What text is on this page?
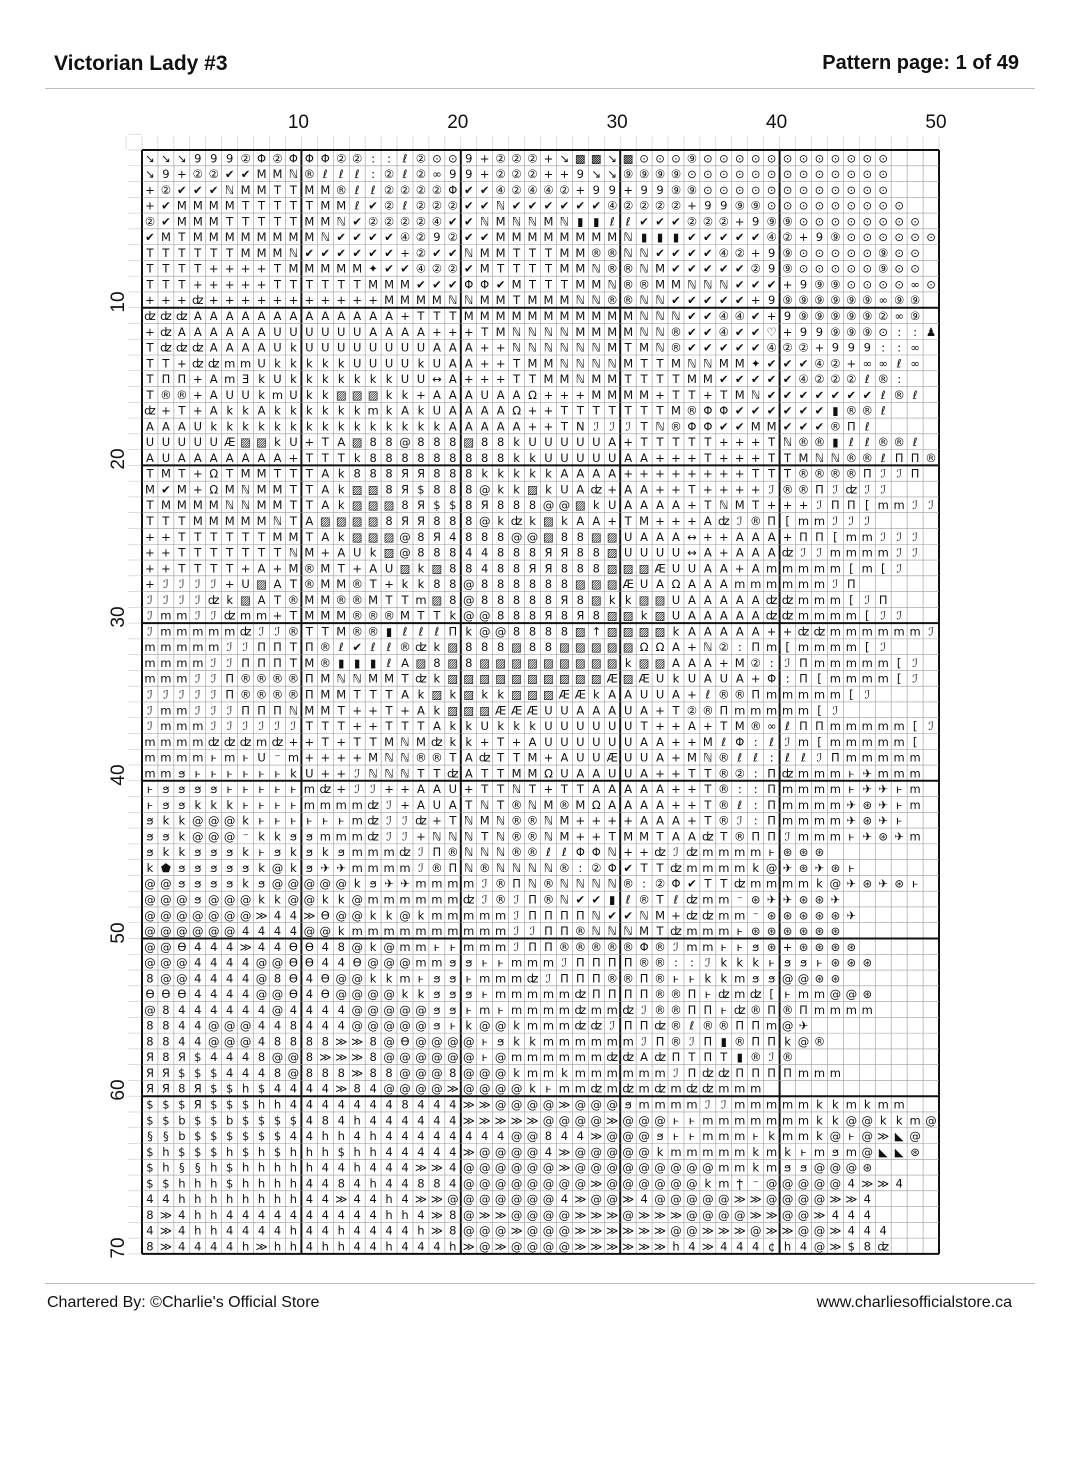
Victorian Lady #3	Pattern page: 1 of 49
10	20	30	40	50
10
20
30
40
50
60
70
↘ ↘ ↘ 9 9 9 ② Φ ② Φ Φ Φ ② ② : : ℓ ② ⊙ ⊙ 9 + ② ② ② + ↘ ▩ ▩ ↘ ▩ ⊙ ⊙ ⊙ ⑨ ⊙ ⊙ ⊙ ⊙ ⊙ ⊙ ⊙ ⊙ ⊙ ⊙ ⊙ ⊙
↘ 9 + ② ② ✔ ✔ M M ℕ ® ℓ ℓ ℓ : ② ℓ ② ∞ 9 9 + ② ② ② + + 9 ↘ ↘ ⑨ ⑨ ⑨ ⑨ ⊙ ⊙ ⊙ ⊙ ⊙ ⊙ ⊙ ⊙ ⊙ ⊙ ⊙ ⊙ ⊙
+ ② ✔ ✔ ✔ ℕ M M T T M M ® ℓ ℓ ② ② ② ② Φ ✔ ✔ ④ ② ④ ④ ② + 9 9 + 9 9 ⑨ ⑨ ⊙ ⊙ ⊙ ⊙ ⊙ ⊙ ⊙ ⊙ ⊙ ⊙ ⊙ ⊙
+ ✔ M M M M T T T T T M M ℓ ✔ ② ℓ ② ② ② ✔ ✔ ℕ ✔ ✔ ✔ ✔ ✔ ✔ ④ ② ② ② ② + 9 9 ⑨ ⑨ ⊙ ⊙ ⊙ ⊙ ⊙ ⊙ ⊙ ⊙ ⊙
② ✔ M M M T T T T T M M ℕ ✔ ② ② ② ② ④ ✔ ✔ ℕ M ℕ ℕ M ℕ ▮ ▮ ℓ ℓ ✔ ✔ ✔ ② ② ② + 9 ⑨ ⑨ ⊙ ⊙ ⊙ ⊙ ⊙ ⊙ ⊙ ⊙
✔ M T M M M M M M M M ℕ ✔ ✔ ✔ ✔ ④ ② 9 ② ✔ ✔ M M M M M M M M ℕ ▮ ▮ ▮ ✔ ✔ ✔ ✔ ✔ ④ ② + 9 ⑨ ⊙ ⊙ ⊙ ⊙ ⊙ ⊙
T T T T T T M M M ℕ ✔ ✔ ✔ ✔ ✔ ✔ + ② ✔ ✔ ℕ M M T T T M M ® ® ℕ ℕ ✔ ✔ ✔ ✔ ④ ② + 9 ⑨ ⊙ ⊙ ⊙ ⊙ ⊙ ⑨ ⊙ ⊙
T T T T + + + + T M M M M M ✦ ✔ ✔ ④ ② ② ✔ M T T T T M M ℕ ® ® ℕ M ✔ ✔ ✔ ✔ ✔ ② 9 ⑨ ⊙ ⊙ ⊙ ⊙ ⊙ ⑨ ⊙ ⊙
T T T + + + + + T T T T T T M M M ✔ ✔ ✔ Φ Φ ✔ M T T T M M ℕ ® ® M M ℕ ℕ ℕ ✔ ✔ ✔ + 9 ⑨ ⑨ ⊙ ⊙ ⊙ ⊙ ∞ ⊙
+ + + ʣ + + + + + + + + + + + M M M M ℕ ℕ M M T M M M ℕ ℕ ® ® ℕ ℕ ✔ ✔ ✔ ✔ ✔ + 9 ⑨ ⑨ ⑨ ⑨ ⑨ ⑨ ∞ ⑨ ⑨
ʣ ʣ ʣ A A A A A A A A A A A A A + T T T M M M M M M M M M M M ℕ ℕ ℕ ✔ ✔ ④ ④ ✔ + 9 ⑨ ⑨ ⑨ ⑨ ⑨ ② ∞ ⑨
+ ʣ A A A A A A U U U U U U A A A A + + + T M ℕ ℕ ℕ ℕ M M M M ℕ ℕ ® ✔ ✔ ④ ✔ ✔ ♡ + 9 9 ⑨ ⑨ ⑨ ⊙ : : ♟
T ʣ ʣ ʣ A A A A U k U U U U U U U U A A A + + ℕ ℕ ℕ ℕ ℕ ℕ M T M ℕ ® ✔ ✔ ✔ ✔ ✔ ④ ② ② + 9 9 9 : : ∞
T T + ʣ ʣ m m U k k k k k U U U U k U A A + + T M M ℕ ℕ ℕ ℕ M T T M ℕ ℕ M M ✦ ✔ ✔ ✔ ④ ② + ∞ ∞ ℓ ∞
T Π Π + A m Ǝ k U k k k k k k k U U ↔ A + + + T T M M ℕ M M T T T T M M ✔ ✔ ✔ ✔ ✔ ④ ② ② ② ℓ ® :
T ® ® + A U U k m U k k ▨ ▨ ▨ k k + A A A U A A Ω + + + M M M M + T T + T M ℕ ✔ ✔ ✔ ✔ ✔ ✔ ✔ ℓ ® ℓ
ʣ + T + A k k A k k k k k k m k A k U A A A A Ω + + T T T T T T T M ® Φ Φ ✔ ✔ ✔ ✔ ✔ ✔ ▮ ® ® ℓ
A A A U k k k k k k k k k k k k k k k A A A A A + + T N ℐ ℐ ℐ T ℕ ® Φ Φ ✔ ✔ M M ✔ ✔ ✔ ® Π ℓ
U U U U U Æ ▨ ▨ k U + T A ▨ 8 8 @ 8 8 8 ▨ 8 8 k U U U U U A + T T T T T + + + T ℕ ® ® ▮ ℓ ℓ ® ® ℓ
A U A A A A A A A + T T T k 8 8 8 8 8 8 8 8 8 k k U U U U U A A + + + T + + + T T M ℕ ℕ ® ® ℓ Π Π ®
T M T + Ω T M M T T T A k 8 8 8 Я Я 8 8 8 k k k k k A A A A + + + + + + + + T T T ® ® ® ® Π ℐ ℐ Π
M ✔ M + Ω M ℕ M M T T A k ▨ ▨ 8 Я $ 8 8 8 @ k k ▨ k U A ʣ + A A + + T + + + + ℐ ® ® Π ℐ ʣ ℐ ℐ
T M M M M ℕ ℕ M M T T A k ▨ ▨ ▨ 8 Я $ $ 8 Я 8 8 8 @ @ ▨ k U A A A A + T ℕ M T + + + ℐ Π Π [ m m ℐ ℐ
T T T M M M M M ℕ T A ▨ ▨ ▨ ▨ 8 Я Я 8 8 8 @ k ʣ k ▨ k A A + T M + + + A ʣ ℐ ® Π [ m m ℐ ℐ ℐ
+ + T T T T T T M M T A k ▨ ▨ ▨ @ 8 Я 4 8 8 8 @ @ ▨ 8 8 ▨ ▨ U A A A ↔ + + A A A + Π Π [ m m ℐ ℐ ℐ
+ + T T T T T T T ℕ M + A U k ▨ @ 8 8 8 4 4 8 8 8 Я Я 8 8 ▨ U U U U ↔ A + A A A ʣ ℐ ℐ m m m m ℐ ℐ
+ + T T T T + A + M ® M T + A U ▨ k ▨ 8 8 4 8 8 Я Я 8 8 8 ▨ ▨ ▨ Æ U U A A + A m m m m m [ m [ ℐ
+ ℐ ℐ ℐ ℐ + U ▨ A T ® M M ® T + k k 8 8 @ 8 8 8 8 8 8 ▨ ▨ ▨ Æ U A Ω A A A m m m m m m ℐ Π
ℐ ℐ ℐ ℐ ʣ k ▨ A T ® M M ® ® M T T m ▨ 8 @ 8 8 8 8 8 Я 8 ▨ k k ▨ ▨ U A A A A A ʣ ʣ m m m [ ℐ Π
ℐ m m ℐ ℐ ʣ m m + T M M M ® ® ® M T T k @ @ 8 8 8 Я 8 Я 8 ▨ ▨ k ▨ U A A A A A ʣ ʣ m m m m [ ℐ ℐ
ℐ m m m m m ʣ ℐ ℐ ® T T M ® ® ▮ ℓ ℓ ℓ Π k @ @ 8 8 8 8 ▨ ↑ ▨ ▨ ▨ ▨ k A A A A A + + ʣ ʣ m m m m m m ℐ
m m m m m ℐ ℐ Π Π T Π ® ℓ ✔ ℓ ℓ ® ʣ k ▨ 8 8 8 ▨ 8 8 ▨ ▨ ▨ ▨ ▨ Ω Ω A + ℕ ② : Π m [ m m m m [ ℐ
m m m m ℐ ℐ Π Π Π T M ® ▮ ▮ ▮ ℓ A ▨ 8 ▨ 8 ▨ ▨ ▨ ▨ ▨ ▨ ▨ ▨ ▨ k ▨ ▨ A A A + M ② : ℐ Π m m m m m [ ℐ
m m m ℐ ℐ Π ® ® ® ® Π M ℕ ℕ M M T ʣ k ▨ ▨ ▨ ▨ ▨ ▨ ▨ ▨ ▨ ▨ Æ ▨ Æ U k U A U A + Φ : Π [ m m m m [ ℐ
ℐ ℐ ℐ ℐ ℐ Π ® ® ® ® Π M M T T T A k ▨ k ▨ k k ▨ ▨ ▨ Æ Æ k A A U U A + ℓ ® ® Π m m m m m [ ℐ
ℐ m m ℐ ℐ ℐ Π Π Π ℕ M M T + + T + A k ▨ ▨ ▨ Æ Æ Æ U U A A A U A + T ② ® Π m m m m m [ ℐ
ℐ m m m ℐ ℐ ℐ ℐ ℐ ℐ T T T + + T T T A k k U k k k U U U U U U T + + A + T M ® ∞ ℓ Π Π m m m m m [ ℐ
m m m m ʣ ʣ ʣ m ʣ + + T + T T M ℕ M ʣ k k + T + A U U U U U U A A + + M ℓ Φ : ℓ ℐ m [ m m m m m [
m m m m ⱶ m ⱶ U ⁻ m + + + + M ℕ ℕ ® ® T A ʣ T T M + A U U Æ U U A + M ℕ ® ℓ ℓ : ℓ ℓ ℐ Π m m m m m
m m ϧ ⱶ ⱶ ⱶ ⱶ ⱶ ⱶ k U + + ℐ ℕ ℕ ℕ T T ʣ A T T M M Ω U A A U U A + + T T ® ② : Π ʣ m m m ⱶ ✈ m m m
ⱶ ϧ ϧ ϧ ϧ ⱶ ⱶ ⱶ ⱶ ⱶ m ʣ + ℐ ℐ + + A A U + T T ℕ T + T T A A A A A + + T ® : : Π m m m m ⱶ ✈ ✈ ⱶ m
ⱶ ϧ ϧ k k k ⱶ ⱶ ⱶ ⱶ m m m m ʣ ℐ + A U A T ℕ T ® ℕ M ® M Ω A A A A + + T ® ℓ : Π m m m m ✈ ⊛ ✈ ⱶ m
ϧ k k @ @ @ k ⱶ ⱶ ⱶ ⱶ ⱶ ⱶ m ʣ ℐ ℐ ʣ + T ℕ M ℕ ® ® ℕ M + + + + A A A + T ® ℐ : Π m m m m ✈ ⊛ ✈ ⱶ
ϧ ϧ k @ @ @ ⁻ k k ϧ ϧ m m m ʣ ℐ ℐ + ℕ ℕ ℕ T ℕ ® ® ℕ M + + T M M T A A ʣ T ® Π Π ℐ m m m ⱶ ✈ ⊛ ✈ m
ϧ k k ϧ ϧ ϧ k ⱶ ϧ k ϧ k ϧ m m m ʣ ℐ Π ® ℕ ℕ ℕ ® ® ℓ ℓ Φ Φ ℕ + + ʣ ℐ ʣ m m m m ⱶ ⊛ ⊛ ⊛
k ⬟ ϧ ϧ ϧ ϧ ϧ k @ k ϧ ✈ ✈ m m m m ℐ ® Π ℕ ® ℕ ℕ ℕ ℕ ® : ② Φ ✔ T T ʣ m m m m k @ ✈ ⊛ ✈ ⊛ ⱶ
@ @ ϧ ϧ ϧ ϧ k ϧ @ @ @ @ @ k ϧ ✈ ✈ m m m m ℐ ® Π ℕ ® ℕ ℕ ℕ ℕ ® : ② Φ ✔ T T ʣ m m m m k @ ✈ ⊛ ✈ ⊛ ⱶ
@ @ @ ϧ @ @ @ k k @ @ k k @ m m m m m m ʣ ℐ ® ℐ Π ® ℕ ✔ ✔ ▮ ℓ ® T ℓ ʣ m m ⁻ ⊛ ✈ ✈ ⊛ ⊛ ✈
@ @ @ @ @ @ @ ≫ 4 4 ≫ ϴ @ @ k k @ k m m m m m ℐ Π Π Π Π ℕ ✔ ✔ ℕ M + ʣ ʣ m m ⁻ ⊛ ⊛ ⊛ ⊛ ⊛ ✈
@ @ @ @ @ @ 4 4 4 4 @ @ k m m m m m m m m m m ℐ ℐ Π Π ® ℕ ℕ ℕ M T ʣ m m m ⱶ ⊛ ⊛ ⊛ ⊛ ⊛ ⊛
@ @ ϴ 4 4 4 ≫ 4 4 ϴ ϴ 4 8 @ k @ m m ⱶ ⱶ m m m ℐ Π Π ® ® ® ® ® Φ ® ℐ m m ⱶ ⱶ ϧ ⊛ + ⊛ ⊛ ⊛ ⊛
@ @ @ 4 4 4 4 @ @ ϴ ϴ 4 4 ϴ @ @ @ m m ϧ ϧ ⱶ ⱶ m m m ℐ Π Π Π Π ® ® : : ℐ k k k ⱶ ϧ ϧ ⱶ ⊛ ⊛ ⊛
8 @ @ 4 4 4 4 @ 8 ϴ 4 ϴ @ @ k k m ⱶ ϧ ϧ ⱶ m m m ʣ ℐ Π Π Π ® ® Π ® ⱶ ⱶ k k m ϧ ϧ @ @ ⊛ ⊛
ϴ ϴ ϴ 4 4 4 4 @ @ ϴ 4 ϴ @ @ @ @ k k ϧ ϧ ϧ ⱶ m m m m m ʣ Π Π Π Π ® ® Π ⱶ ʣ m ʣ [ ⱶ m m @ @ ⊛
@ 8 4 4 4 4 4 4 @ 4 4 4 4 @ @ @ @ @ ϧ ϧ ⱶ m ⱶ m m m m ʣ m m ʣ ℐ ® ® Π Π ⱶ ʣ ® Π ® Π m m m m
8 8 4 4 @ @ @ 4 4 8 4 4 4 @ @ @ @ @ ϧ ⱶ k @ @ k m m m ʣ ʣ ℐ Π Π ʣ ® ℓ ® ® Π Π m @ ✈
8 8 4 4 @ @ @ 4 8 8 8 8 ≫ ≫ 8 @ ϴ @ @ @ @ ⱶ ϧ k k m m m m m m ℐ Π ® ℐ Π ▮ ® Π Π k @ ®
Я 8 Я $ 4 4 4 8 @ @ 8 ≫ ≫ ≫ 8 @ @ @ @ @ @ ⱶ @ m m m m m m ʣ ʣ A ʣ Π T Π T ▮ ® ℐ ®
Я Я $ $ $ 4 4 4 8 @ 8 8 8 ≫ 8 8 @ @ @ 8 @ @ @ k m m k m m m m m m ℐ Π ʣ ʣ Π Π Π Π m m m
Я Я 8 Я $ $ h $ 4 4 4 4 ≫ 8 4 @ @ @ @ ≫ @ @ @ @ k ⱶ m m ʣ m ʣ m ʣ m ʣ ʣ m m m
$ $ $ Я $ $ $ h h 4 4 4 4 4 4 4 8 4 4 4 ≫ ≫ @ @ @ @ ≫ @ @ @ ϧ m m m m ℐ ℐ m m m m m k k m k m m
$ $ b $ $ b $ $ $ $ 4 8 4 h 4 4 4 4 4 4 ≫ ≫ ≫ ≫ ≫ @ @ @ @ ≫ @ @ @ ⱶ ⱶ m m m m m m m k k @ @ k k m @
§ § b $ $ $ $ $ $ 4 4 h h 4 h 4 4 4 4 4 4 4 4 @ @ 8 4 4 ≫ @ @ @ ϧ ⱶ ⱶ m m m ⱶ k m m k @ ⱶ @ ≫ ◣ @
$ h $ $ $ h $ h $ h h h $ h h 4 4 4 4 4 ≫ @ @ @ @ 4 ≫ @ @ @ @ @ k m m m m m k m k ⱶ m ϧ m @ ◣ ◣ ⊛
$ h § § h $ h h h h h 4 4 h 4 4 4 ≫ ≫ 4 @ @ @ @ @ @ ≫ @ @ @ @ @ @ @ @ @ m m k m ϧ ϧ @ @ @ ⊛
$ $ h h h $ h h h h 4 4 8 4 h 4 4 8 8 4 @ @ @ @ @ @ @ @ ≫ @ @ @ @ @ @ k m ϯ ⁻ @ @ @ @ @ 4 ≫ ≫ 4
4 4 h h h h h h h h 4 4 ≫ 4 4 h 4 ≫ ≫ @ @ @ @ @ @ @ 4 ≫ @ @ ≫ 4 @ @ @ @ @ ≫ ≫ @ @ @ @ ≫ ≫ 4
8 ≫ 4 h h 4 4 4 4 4 4 4 4 4 4 h h 4 ≫ 8 @ ≫ ≫ @ @ @ @ ≫ ≫ ≫ @ ≫ ≫ ≫ @ @ @ @ ≫ ≫ @ @ ≫ 4 4 4
4 ≫ 4 h h 4 4 4 4 h 4 4 h 4 4 4 4 h ≫ 8 @ @ @ ≫ @ @ @ ≫ ≫ ≫ ≫ ≫ ≫ @ @ ≫ ≫ ≫ @ ≫ ≫ @ @ ≫ 4 4 4
8 ≫ 4 4 4 4 h ≫ h h 4 h h 4 4 h 4 4 4 h ≫ @ ≫ @ @ @ @ ≫ ≫ ≫ ≫ ≫ ≫ h 4 ≫ 4 4 4 ¢ h 4 @ ≫ $ 8 ʣ
Chartered By: ©Charlie's Official Store	www.charliesofficialstore.ca
